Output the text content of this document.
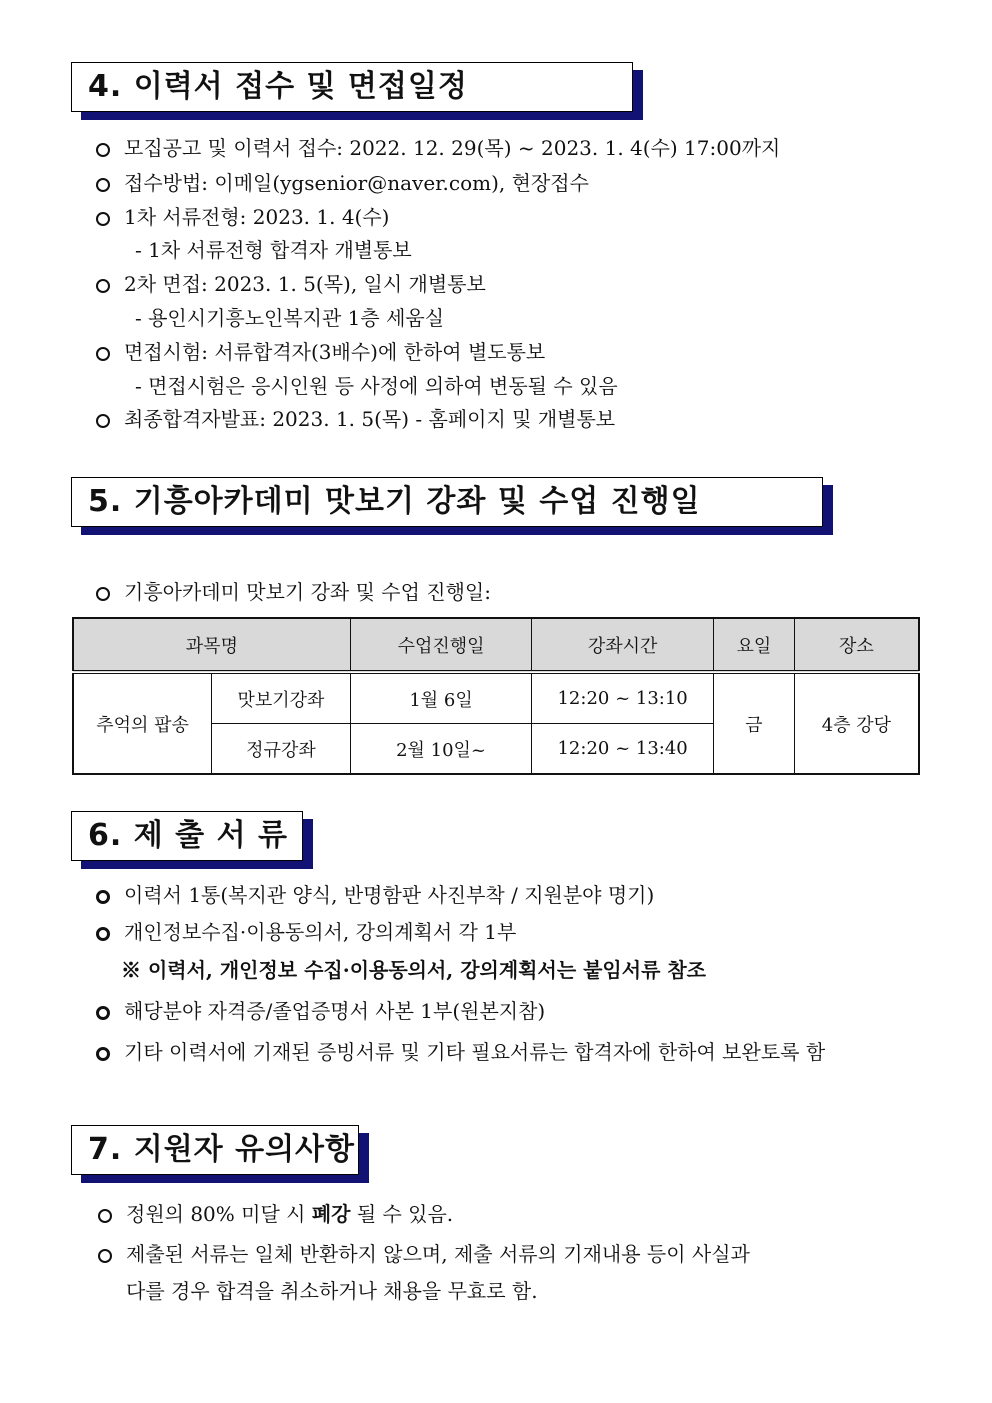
4. 이력서 접수 및 면접일정
모집공고 및 이력서 접수: 2022. 12. 29(목) ~ 2023. 1. 4(수) 17:00까지
접수방법: 이메일(ygsenior@naver.com), 현장접수
1차 서류전형: 2023. 1. 4(수)
- 1차 서류전형 합격자 개별통보
2차 면접: 2023. 1. 5(목), 일시 개별통보
- 용인시기흥노인복지관 1층 세움실
면접시험: 서류합격자(3배수)에 한하여 별도통보
- 면접시험은 응시인원 등 사정에 의하여 변동될 수 있음
최종합격자발표: 2023. 1. 5(목) - 홈페이지 및 개별통보
5. 기흥아카데미 맛보기 강좌 및 수업 진행일
기흥아카데미 맛보기 강좌 및 수업 진행일:
과목명		수업진행일	강좌시간	요일	장소
추억의 팝송	맛보기강좌	1월 6일	12:20 ~ 13:10	금	4층 강당
	정규강좌	2월 10일~	12:20 ~ 13:40		
6. 제 출 서 류
이력서 1통(복지관 양식, 반명함판 사진부착 / 지원분야 명기)
개인정보수집·이용동의서, 강의계획서 각 1부
※ 이력서, 개인정보 수집·이용동의서, 강의계획서는 붙임서류 참조
해당분야 자격증/졸업증명서 사본 1부(원본지참)
기타 이력서에 기재된 증빙서류 및 기타 필요서류는 합격자에 한하여 보완토록 함
7. 지원자 유의사항
정원의 80% 미달 시 폐강 될 수 있음.
제출된 서류는 일체 반환하지 않으며, 제출 서류의 기재내용 등이 사실과
다를 경우 합격을 취소하거나 채용을 무효로 함.
